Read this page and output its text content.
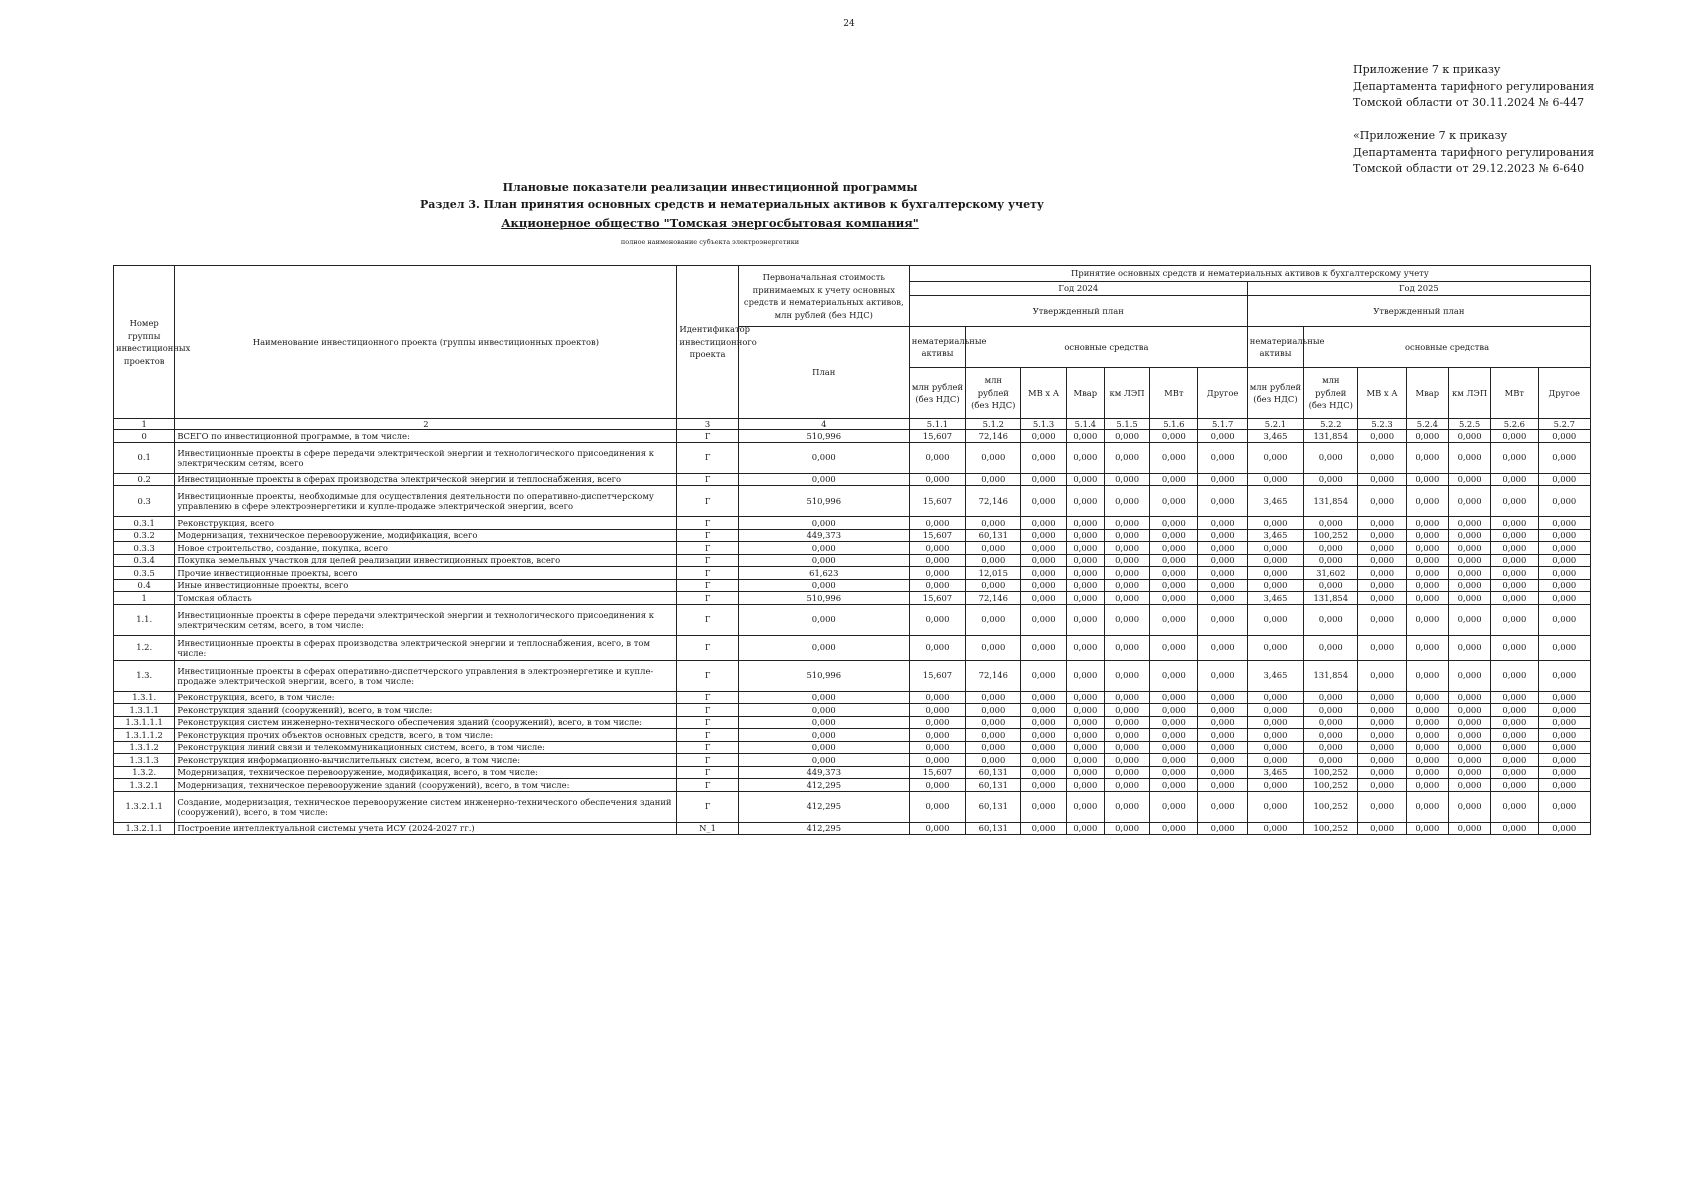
24
Приложение 7 к приказу
Департамента тарифного регулирования
Томской области от 30.11.2024 № 6-447
«Приложение 7 к приказу
Департамента тарифного регулирования
Томской области от 29.12.2023 № 6-640
Плановые показатели реализации инвестиционной программы
Раздел 3. План принятия основных средств и нематериальных активов к бухгалтерскому учету
Акционерное общество "Томская энергосбытовая компания"
полное наименование субъекта электроэнергетики
Номер группы инвестиционных проектов	Наименование инвестиционного проекта (группы инвестиционных проектов)	Идентификатор инвестиционного проекта	Первоначальная стоимость принимаемых к учету основных средств и нематериальных активов, млн рублей (без НДС)	Принятие основных средств и нематериальных активов к бухгалтерскому учету													
				Год 2024							Год 2025						
				Утвержденный план							Утвержденный план						
			План	нематериальные активы	основные средства						нематериальные активы	основные средства					
				млн рублей (без НДС)	млн рублей (без НДС)	МВ х А	Мвар	км ЛЭП	МВт	Другое	млн рублей (без НДС)	млн рублей (без НДС)	МВ х А	Мвар	км ЛЭП	МВт	Другое
1	2	3	4	5.1.1	5.1.2	5.1.3	5.1.4	5.1.5	5.1.6	5.1.7	5.2.1	5.2.2	5.2.3	5.2.4	5.2.5	5.2.6	5.2.7
0	ВСЕГО по инвестиционной программе, в том числе:	Г	510,996	15,607	72,146	0,000	0,000	0,000	0,000	0,000	3,465	131,854	0,000	0,000	0,000	0,000	0,000
0.1	Инвестиционные проекты в сфере передачи электрической энергии и технологического присоединения к электрическим сетям, всего	Г	0,000	0,000	0,000	0,000	0,000	0,000	0,000	0,000	0,000	0,000	0,000	0,000	0,000	0,000	0,000
0.2	Инвестиционные проекты в сферах производства электрической энергии и теплоснабжения, всего	Г	0,000	0,000	0,000	0,000	0,000	0,000	0,000	0,000	0,000	0,000	0,000	0,000	0,000	0,000	0,000
0.3	Инвестиционные проекты, необходимые для осуществления деятельности по оперативно-диспетчерскому управлению в сфере электроэнергетики и купле-продаже электрической энергии, всего	Г	510,996	15,607	72,146	0,000	0,000	0,000	0,000	0,000	3,465	131,854	0,000	0,000	0,000	0,000	0,000
0.3.1	Реконструкция, всего	Г	0,000	0,000	0,000	0,000	0,000	0,000	0,000	0,000	0,000	0,000	0,000	0,000	0,000	0,000	0,000
0.3.2	Модернизация, техническое перевооружение, модификация, всего	Г	449,373	15,607	60,131	0,000	0,000	0,000	0,000	0,000	3,465	100,252	0,000	0,000	0,000	0,000	0,000
0.3.3	Новое строительство, создание, покупка, всего	Г	0,000	0,000	0,000	0,000	0,000	0,000	0,000	0,000	0,000	0,000	0,000	0,000	0,000	0,000	0,000
0.3.4	Покупка земельных участков для целей реализации инвестиционных проектов, всего	Г	0,000	0,000	0,000	0,000	0,000	0,000	0,000	0,000	0,000	0,000	0,000	0,000	0,000	0,000	0,000
0.3.5	Прочие инвестиционные проекты, всего	Г	61,623	0,000	12,015	0,000	0,000	0,000	0,000	0,000	0,000	31,602	0,000	0,000	0,000	0,000	0,000
0.4	Иные инвестиционные проекты, всего	Г	0,000	0,000	0,000	0,000	0,000	0,000	0,000	0,000	0,000	0,000	0,000	0,000	0,000	0,000	0,000
1	Томская область	Г	510,996	15,607	72,146	0,000	0,000	0,000	0,000	0,000	3,465	131,854	0,000	0,000	0,000	0,000	0,000
1.1.	Инвестиционные проекты в сфере передачи электрической энергии и технологического присоединения к электрическим сетям, всего, в том числе:	Г	0,000	0,000	0,000	0,000	0,000	0,000	0,000	0,000	0,000	0,000	0,000	0,000	0,000	0,000	0,000
1.2.	Инвестиционные проекты в сферах производства электрической энергии и теплоснабжения, всего, в том числе:	Г	0,000	0,000	0,000	0,000	0,000	0,000	0,000	0,000	0,000	0,000	0,000	0,000	0,000	0,000	0,000
1.3.	Инвестиционные проекты в сферах оперативно-диспетчерского управления в электроэнергетике и купле-продаже электрической энергии, всего, в том числе:	Г	510,996	15,607	72,146	0,000	0,000	0,000	0,000	0,000	3,465	131,854	0,000	0,000	0,000	0,000	0,000
1.3.1.	Реконструкция, всего, в том числе:	Г	0,000	0,000	0,000	0,000	0,000	0,000	0,000	0,000	0,000	0,000	0,000	0,000	0,000	0,000	0,000
1.3.1.1	Реконструкция зданий (сооружений), всего, в том числе:	Г	0,000	0,000	0,000	0,000	0,000	0,000	0,000	0,000	0,000	0,000	0,000	0,000	0,000	0,000	0,000
1.3.1.1.1	Реконструкция систем инженерно-технического обеспечения зданий (сооружений), всего, в том числе:	Г	0,000	0,000	0,000	0,000	0,000	0,000	0,000	0,000	0,000	0,000	0,000	0,000	0,000	0,000	0,000
1.3.1.1.2	Реконструкция прочих объектов основных средств, всего, в том числе:	Г	0,000	0,000	0,000	0,000	0,000	0,000	0,000	0,000	0,000	0,000	0,000	0,000	0,000	0,000	0,000
1.3.1.2	Реконструкция линий связи и телекоммуникационных систем, всего, в том числе:	Г	0,000	0,000	0,000	0,000	0,000	0,000	0,000	0,000	0,000	0,000	0,000	0,000	0,000	0,000	0,000
1.3.1.3	Реконструкция информационно-вычислительных систем, всего, в том числе:	Г	0,000	0,000	0,000	0,000	0,000	0,000	0,000	0,000	0,000	0,000	0,000	0,000	0,000	0,000	0,000
1.3.2.	Модернизация, техническое перевооружение, модификация, всего, в том числе:	Г	449,373	15,607	60,131	0,000	0,000	0,000	0,000	0,000	3,465	100,252	0,000	0,000	0,000	0,000	0,000
1.3.2.1	Модернизация, техническое перевооружение зданий (сооружений), всего, в том числе:	Г	412,295	0,000	60,131	0,000	0,000	0,000	0,000	0,000	0,000	100,252	0,000	0,000	0,000	0,000	0,000
1.3.2.1.1	Создание, модернизация, техническое перевооружение систем инженерно-технического обеспечения зданий (сооружений), всего, в том числе:	Г	412,295	0,000	60,131	0,000	0,000	0,000	0,000	0,000	0,000	100,252	0,000	0,000	0,000	0,000	0,000
1.3.2.1.1	Построение интеллектуальной системы учета ИСУ (2024-2027 гг.)	N_1	412,295	0,000	60,131	0,000	0,000	0,000	0,000	0,000	0,000	100,252	0,000	0,000	0,000	0,000	0,000
